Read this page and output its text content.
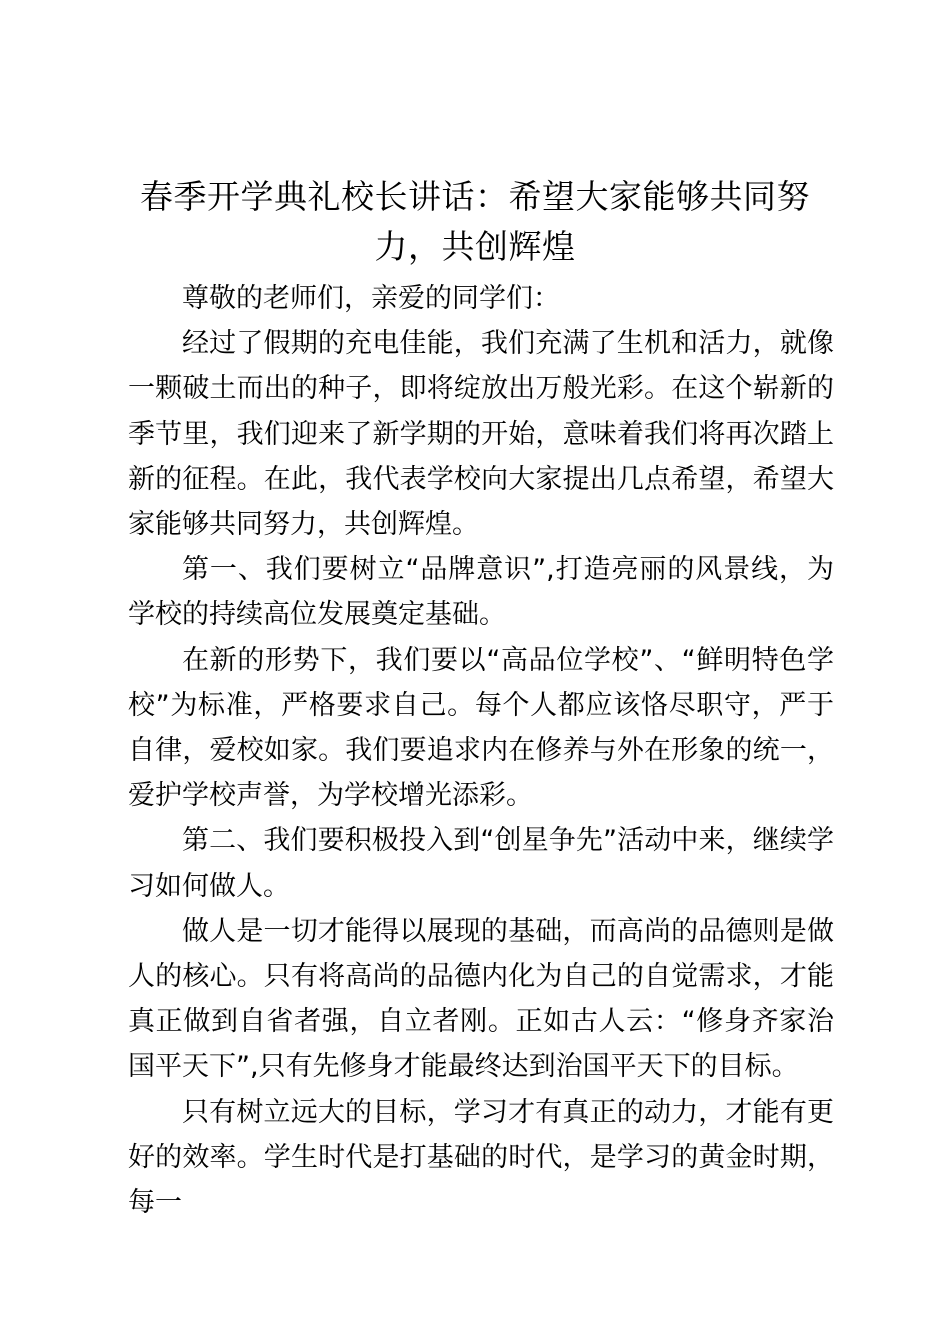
春季开学典礼校长讲话：希望大家能够共同努力，共创辉煌

尊敬的老师们，亲爱的同学们：

经过了假期的充电佳能，我们充满了生机和活力，就像一颗破土而出的种子，即将绽放出万般光彩。在这个崭新的季节里，我们迎来了新学期的开始，意味着我们将再次踏上新的征程。在此，我代表学校向大家提出几点希望，希望大家能够共同努力，共创辉煌。

第一、我们要树立“品牌意识”,打造亮丽的风景线，为学校的持续高位发展奠定基础。

在新的形势下，我们要以“高品位学校”、“鲜明特色学校”为标准，严格要求自己。每个人都应该恪尽职守，严于自律，爱校如家。我们要追求内在修养与外在形象的统一，爱护学校声誉，为学校增光添彩。

第二、我们要积极投入到“创星争先”活动中来，继续学习如何做人。

做人是一切才能得以展现的基础，而高尚的品德则是做人的核心。只有将高尚的品德内化为自己的自觉需求，才能真正做到自省者强，自立者刚。正如古人云：“修身齐家治国平天下”,只有先修身才能最终达到治国平天下的目标。

只有树立远大的目标，学习才有真正的动力，才能有更好的效率。学生时代是打基础的时代，是学习的黄金时期，每一
